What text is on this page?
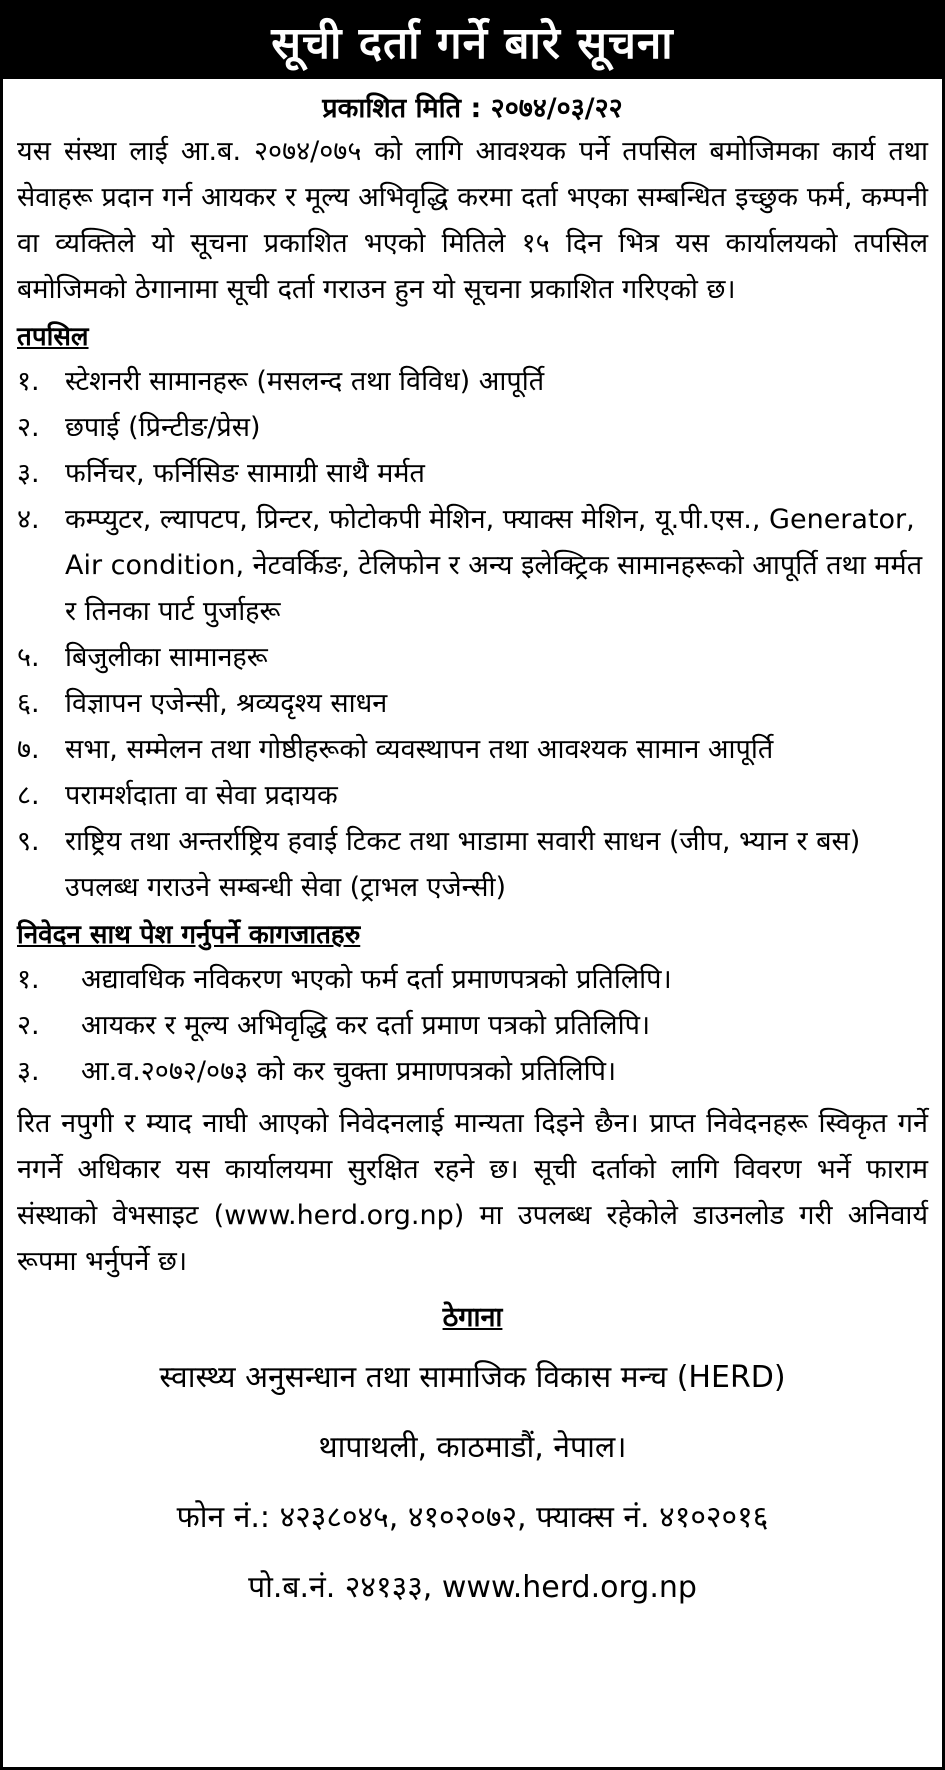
सूची दर्ता गर्ने बारे सूचना
प्रकाशित मिति : २०७४/०३/२२

यस संस्था लाई आ.ब. २०७४/०७५ को लागि आवश्यक पर्ने तपसिल बमोजिमका कार्य तथा सेवाहरू प्रदान गर्न आयकर र मूल्य अभिवृद्धि करमा दर्ता भएका सम्बन्धित इच्छुक फर्म, कम्पनी वा व्यक्तिले यो सूचना प्रकाशित भएको मितिले १५ दिन भित्र यस कार्यालयको तपसिल बमोजिमको ठेगानामा सूची दर्ता गराउन हुन यो सूचना प्रकाशित गरिएको छ।

तपसिल
१. स्टेशनरी सामानहरू (मसलन्द तथा विविध) आपूर्ति
२. छपाई (प्रिन्टीङ/प्रेस)
३. फर्निचर, फर्निसिङ सामाग्री साथै मर्मत
४. कम्प्युटर, ल्यापटप, प्रिन्टर, फोटोकपी मेशिन, फ्याक्स मेशिन, यू.पी.एस., Generator, Air condition, नेटवर्किङ, टेलिफोन र अन्य इलेक्ट्रिक सामानहरूको आपूर्ति तथा मर्मत र तिनका पार्ट पुर्जाहरू
५. बिजुलीका सामानहरू
६. विज्ञापन एजेन्सी, श्रव्यदृश्य साधन
७. सभा, सम्मेलन तथा गोष्ठीहरूको व्यवस्थापन तथा आवश्यक सामान आपूर्ति
८. परामर्शदाता वा सेवा प्रदायक
९. राष्ट्रिय तथा अन्तर्राष्ट्रिय हवाई टिकट तथा भाडामा सवारी साधन (जीप, भ्यान र बस) उपलब्ध गराउने सम्बन्धी सेवा (ट्राभल एजेन्सी)
निवेदन साथ पेश गर्नुपर्ने कागजातहरु
१.	अद्यावधिक नविकरण भएको फर्म दर्ता प्रमाणपत्रको प्रतिलिपि।
२.	आयकर र मूल्य अभिवृद्धि कर दर्ता प्रमाण पत्रको प्रतिलिपि।
३.	आ.व.२०७२/०७३ को कर चुक्ता प्रमाणपत्रको प्रतिलिपि।

रित नपुगी र म्याद नाघी आएको निवेदनलाई मान्यता दिइने छैन। प्राप्त निवेदनहरू स्विकृत गर्ने नगर्ने अधिकार यस कार्यालयमा सुरक्षित रहने छ। सूची दर्ताको लागि विवरण भर्ने फाराम संस्थाको वेभसाइट (www.herd.org.np) मा उपलब्ध रहेकोले डाउनलोड गरी अनिवार्य रूपमा भर्नुपर्ने छ।

ठेगाना
स्वास्थ्य अनुसन्धान तथा सामाजिक विकास मन्च (HERD)
थापाथली, काठमाडौं, नेपाल।
फोन नं.: ४२३८०४५, ४१०२०७२, फ्याक्स नं. ४१०२०१६
पो.ब.नं. २४१३३, www.herd.org.np
